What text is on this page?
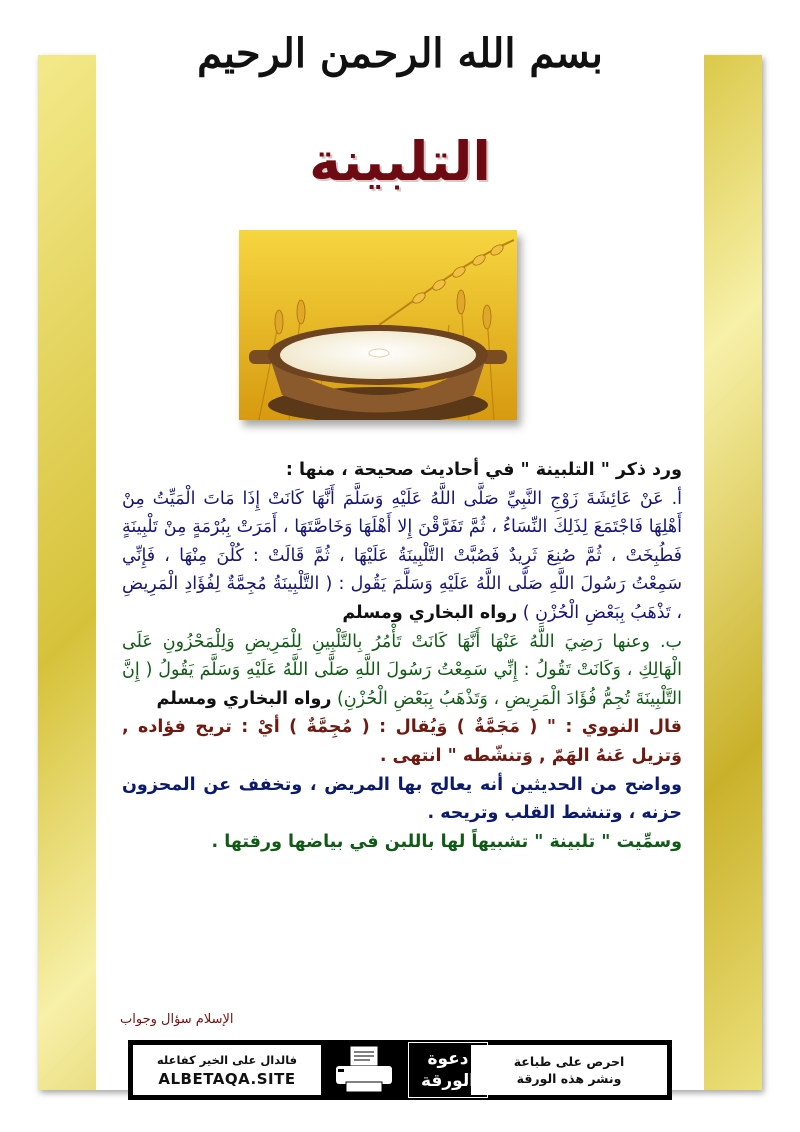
بسم الله الرحمن الرحيم
التلبينة

ورد ذكر " التلبينة " في أحاديث صحيحة ، منها :

أ. عَنْ عَائِشَةَ زَوْجِ النَّبِيِّ صَلَّى اللَّهُ عَلَيْهِ وَسَلَّمَ أَنَّهَا كَانَتْ إِذَا مَاتَ الْمَيِّتُ مِنْ أَهْلِهَا فَاجْتَمَعَ لِذَلِكَ النِّسَاءُ ، ثُمَّ تَفَرَّقْنَ إِلا أَهْلَهَا وَخَاصَّتَهَا ، أَمَرَتْ بِبُرْمَةٍ مِنْ تَلْبِينَةٍ فَطُبِخَتْ ، ثُمَّ صُنِعَ ثَرِيدٌ فَصُبَّتْ التَّلْبِينَةُ عَلَيْهَا ، ثُمَّ قَالَتْ : كُلْنَ مِنْهَا ، فَإِنِّي سَمِعْتُ رَسُولَ اللَّهِ صَلَّى اللَّهُ عَلَيْهِ وَسَلَّمَ يَقُول : ( التَّلْبِينَةُ مُجِمَّةٌ لِفُؤَادِ الْمَرِيضِ ، تَذْهَبُ بِبَعْضِ الْحُزْنِ ) رواه البخاري ومسلم

ب. وعنها رَضِيَ اللَّهُ عَنْهَا أَنَّهَا كَانَتْ تَأْمُرُ بِالتَّلْبِينِ لِلْمَرِيضِ وَلِلْمَحْزُونِ عَلَى الْهَالِكِ ، وَكَانَتْ تَقُولُ : إِنِّي سَمِعْتُ رَسُولَ اللَّهِ صَلَّى اللَّهُ عَلَيْهِ وَسَلَّمَ يَقُولُ ( إِنَّ التَّلْبِينَةَ تُجِمُّ فُؤَادَ الْمَرِيضِ ، وَتَذْهَبُ بِبَعْضِ الْحُزْنِ) رواه البخاري ومسلم

قال النووي : " ( مَجَمَّةٌ ) وَيُقال : ( مُجِمَّةٌ ) أيْ : تريح فؤاده , وَتزيل عَنهُ الهَمّ , وَتنشّطه " انتهى .

وواضح من الحديثين أنه يعالج بها المريض ، وتخفف عن المحزون حزنه ، وتنشط القلب وتريحه .

وسمِّيت " تلبينة " تشبيهاً لها باللبن في بياضها ورقتها .

الإسلام سؤال وجواب
احرص على طباعة
ونشر هذه الورقة
دعوة
الورقة
فالدال على الخير كفاعله
ALBETAQA.SITE
